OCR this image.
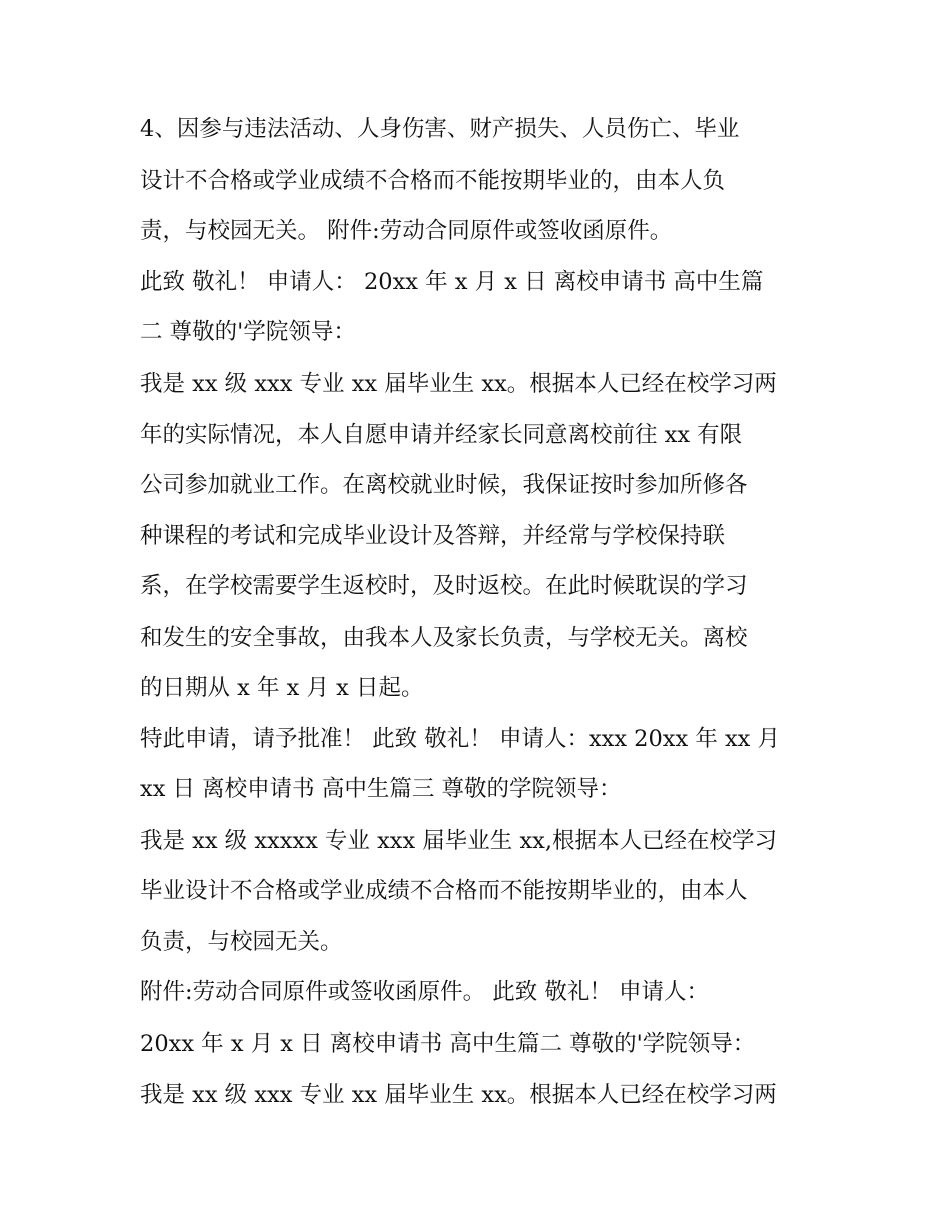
4、因参与违法活动、人身伤害、财产损失、人员伤亡、毕业
设计不合格或学业成绩不合格而不能按期毕业的，由本人负
责，与校园无关。 附件:劳动合同原件或签收函原件。
此致 敬礼！ 申请人： 20xx 年 x 月 x 日 离校申请书 高中生篇
二 尊敬的'学院领导：
我是 xx 级 xxx 专业 xx 届毕业生 xx。根据本人已经在校学习两
年的实际情况，本人自愿申请并经家长同意离校前往 xx 有限
公司参加就业工作。在离校就业时候，我保证按时参加所修各
种课程的考试和完成毕业设计及答辩，并经常与学校保持联
系，在学校需要学生返校时，及时返校。在此时候耽误的学习
和发生的安全事故，由我本人及家长负责，与学校无关。离校
的日期从 x 年 x 月 x 日起。
特此申请，请予批准！ 此致 敬礼！ 申请人：xxx 20xx 年 xx 月
xx 日 离校申请书 高中生篇三 尊敬的学院领导：
我是 xx 级 xxxxx 专业 xxx 届毕业生 xx,根据本人已经在校学习
毕业设计不合格或学业成绩不合格而不能按期毕业的，由本人
负责，与校园无关。
附件:劳动合同原件或签收函原件。 此致 敬礼！ 申请人：
20xx 年 x 月 x 日 离校申请书 高中生篇二 尊敬的'学院领导：
我是 xx 级 xxx 专业 xx 届毕业生 xx。根据本人已经在校学习两
